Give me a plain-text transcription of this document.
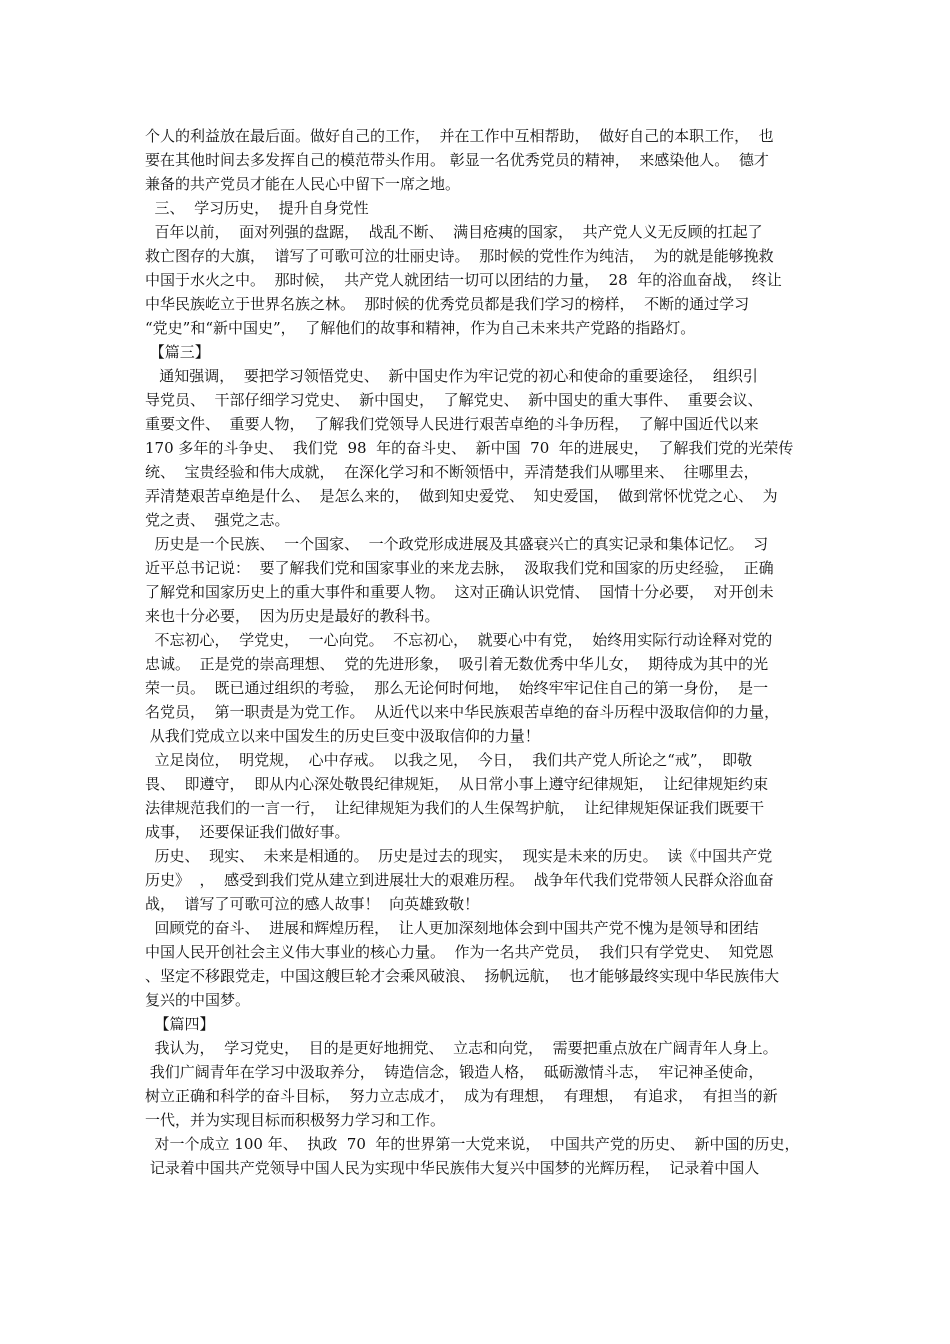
个人的利益放在最后面。做好自己的工作，  并在工作中互相帮助，  做好自己的本职工作，  也
要在其他时间去多发挥自己的模范带头作用。 彰显一名优秀党员的精神，  来感染他人。  德才
兼备的共产党员才能在人民心中留下一席之地。
三、  学习历史，  提升自身党性
百年以前，  面对列强的盘踞，  战乱不断、  满目疮痍的国家，  共产党人义无反顾的扛起了
救亡图存的大旗，  谱写了可歌可泣的壮丽史诗。  那时候的党性作为纯洁，  为的就是能够挽救
中国于水火之中。  那时候，  共产党人就团结一切可以团结的力量，  28  年的浴血奋战，  终让
中华民族屹立于世界名族之林。  那时候的优秀党员都是我们学习的榜样，  不断的通过学习
“党史”和“新中国史”，  了解他们的故事和精神，作为自己未来共产党路的指路灯。
【篇三】
通知强调，  要把学习领悟党史、  新中国史作为牢记党的初心和使命的重要途径，  组织引
导党员、  干部仔细学习党史、  新中国史，  了解党史、  新中国史的重大事件、  重要会议、
重要文件、  重要人物，  了解我们党领导人民进行艰苦卓绝的斗争历程，  了解中国近代以来
170 多年的斗争史、  我们党  98  年的奋斗史、  新中国  70  年的进展史，  了解我们党的光荣传
统、  宝贵经验和伟大成就，  在深化学习和不断领悟中，弄清楚我们从哪里来、  往哪里去，
弄清楚艰苦卓绝是什么、  是怎么来的，  做到知史爱党、  知史爱国，  做到常怀忧党之心、  为
党之责、  强党之志。
历史是一个民族、  一个国家、  一个政党形成进展及其盛衰兴亡的真实记录和集体记忆。  习
近平总书记说：  要了解我们党和国家事业的来龙去脉，  汲取我们党和国家的历史经验，  正确
了解党和国家历史上的重大事件和重要人物。  这对正确认识党情、  国情十分必要，  对开创未
来也十分必要，  因为历史是最好的教科书。
不忘初心，  学党史，  一心向党。  不忘初心，  就要心中有党，  始终用实际行动诠释对党的
忠诚。  正是党的崇高理想、  党的先进形象，  吸引着无数优秀中华儿女，  期待成为其中的光
荣一员。  既已通过组织的考验，  那么无论何时何地，  始终牢牢记住自己的第一身份，  是一
名党员，  第一职责是为党工作。  从近代以来中华民族艰苦卓绝的奋斗历程中汲取信仰的力量，
从我们党成立以来中国发生的历史巨变中汲取信仰的力量！
立足岗位，  明党规，  心中存戒。  以我之见，  今日，  我们共产党人所论之“戒”，  即敬
畏、  即遵守，  即从内心深处敬畏纪律规矩，  从日常小事上遵守纪律规矩，  让纪律规矩约束
法律规范我们的一言一行，  让纪律规矩为我们的人生保驾护航，  让纪律规矩保证我们既要干
成事，  还要保证我们做好事。
历史、  现实、  未来是相通的。  历史是过去的现实，  现实是未来的历史。  读《中国共产党
历史》  ，  感受到我们党从建立到进展壮大的艰难历程。  战争年代我们党带领人民群众浴血奋
战，  谱写了可歌可泣的感人故事！  向英雄致敬！
回顾党的奋斗、  进展和辉煌历程，  让人更加深刻地体会到中国共产党不愧为是领导和团结
中国人民开创社会主义伟大事业的核心力量。  作为一名共产党员，  我们只有学党史、  知党恩
、坚定不移跟党走，中国这艘巨轮才会乘风破浪、  扬帆远航，  也才能够最终实现中华民族伟大
复兴的中国梦。
【篇四】
我认为，  学习党史，  目的是更好地拥党、  立志和向党，  需要把重点放在广阔青年人身上。
我们广阔青年在学习中汲取养分，  铸造信念，锻造人格，  砥砺激情斗志，  牢记神圣使命，
树立正确和科学的奋斗目标，  努力立志成才，  成为有理想，  有理想，  有追求，  有担当的新
一代，并为实现目标而积极努力学习和工作。
对一个成立 100 年、  执政  70  年的世界第一大党来说，  中国共产党的历史、  新中国的历史，
记录着中国共产党领导中国人民为实现中华民族伟大复兴中国梦的光辉历程，  记录着中国人
